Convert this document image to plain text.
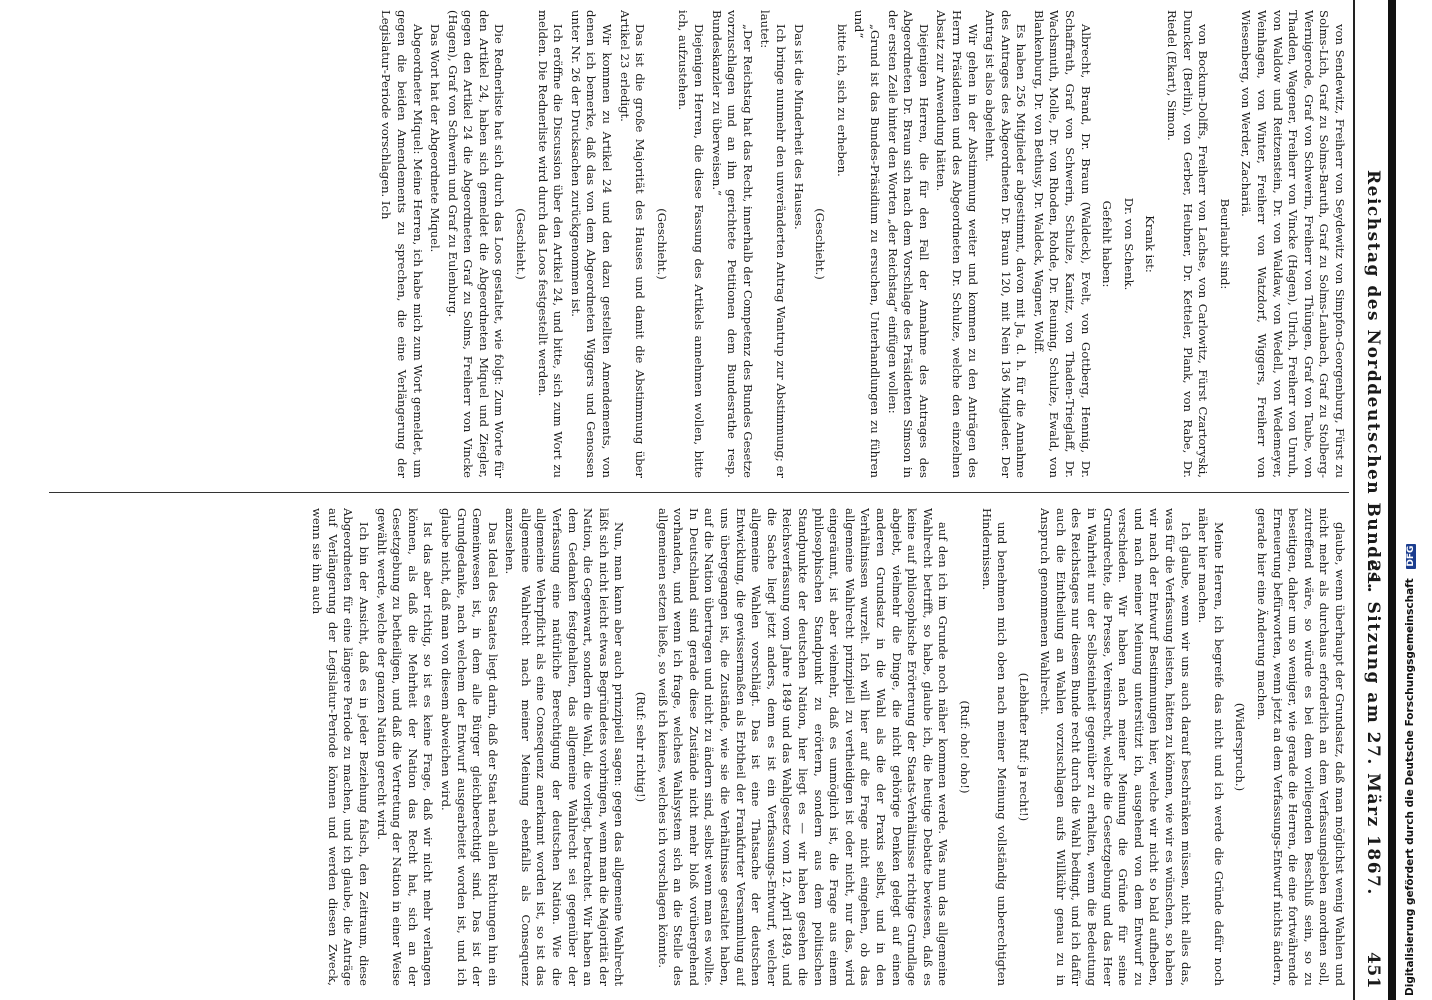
Reichstag des Norddeutschen Bundes.
21. Sitzung am 27. März 1867.
451

von Sendewitz, Freiherr von Seydewitz von Simpfon-Georgenburg, Fürst zu Solms-Lich, Graf zu Solms-Baruth, Graf zu Solms-Laubach, Graf zu Stolberg-Wernigerode, Graf von Schwerin, Freiherr von Thüngen, Graf von Taube, von Thadden, Wagener, Freiherr von Vincke (Hagen), Ulrich, Freiherr von Unruh, von Waldow und Reitzenstein, Dr. von Waldaw, von Wedell, von Wedemeyer, Weinhagen, von Winter, Freiherr von Watzdorf, Wiggers, Freiherr von Wiesenberg, von Werder, Zachariä.

Beurlaubt sind:

von Bockum-Dolffs, Freiherr von Lachse, von Carlowitz, Fürst Czartoryski, Duncker (Berlin), von Gerber, Heubner, Dr. Ketteler, Plank, von Rabe, Dr. Riedel (Ekart), Simon.

Krank ist:

Dr. von Schenk.

Gefehlt haben:

Albrecht, Brand, Dr. Braun (Waldeck), Evelt, von Gottberg, Hennig, Dr. Schaffrath, Graf von Schwerin, Schulze, Kanitz, von Thaden-Trieglaff, Dr. Wachsmuth, Molle, Dr. von Rhoden, Rohde, Dr. Reuning, Schulze, Ewald, von Blankenburg, Dr. von Bethusy, Dr. Waldeck, Wagner, Wolff.

Es haben 256 Mitglieder abgestimmt, davon mit Ja, d. h. für die Annahme des Antrages des Abgeordneten Dr. Braun 120, mit Nein 136 Mitglieder. Der Antrag ist also abgelehnt.

Wir gehen in der Abstimmung weiter und kommen zu den Anträgen des Herrn Präsidenten und des Abgeordneten Dr. Schulze, welche den einzelnen Absatz zur Anwendung hätten.

Diejenigen Herren, die für den Fall der Annahme des Antrages des Abgeordneten Dr. Braun sich nach dem Vorschlage des Präsidenten Simson in der ersten Zeile hinter den Worten „der Reichstag“ einfügen wollen:

„Grund ist das Bundes-Präsidium zu ersuchen, Unterhandlungen zu führen und“

bitte ich, sich zu erheben.

(Geschieht.)

Das ist die Minderheit des Hauses.

Ich bringe nunmehr den unveränderten Antrag Wantrup zur Abstimmung; er lautet:

„Der Reichstag hat das Recht, innerhalb der Competenz des Bundes Gesetze vorzuschlagen und an ihn gerichtete Petitionen dem Bundesrathe resp. Bundeskanzler zu überweisen.“

Diejenigen Herren, die diese Fassung des Artikels annehmen wollen, bitte ich, aufzustehen.

(Geschieht.)

Das ist die große Majorität des Hauses und damit die Abstimmung über Artikel 23 erledigt.

Wir kommen zu Artikel 24 und den dazu gestellten Amendements, von denen ich bemerke, daß das von dem Abgeordneten Wiggers und Genossen unter Nr. 26 der Drucksachen zurückgenommen ist.

Ich eröffne die Discussion über den Artikel 24, und bitte, sich zum Wort zu melden. Die Rednerliste wird durch das Loos festgestellt werden.

(Geschieht.)

Die Rednerliste hat sich durch das Loos gestaltet, wie folgt: Zum Worte für den Artikel 24, haben sich gemeldet die Abgeordneten Miquel und Ziegler, gegen den Artikel 24 die Abgeordneten Graf zu Solms, Freiherr von Vincke (Hagen), Graf von Schwerin und Graf zu Eulenburg.

Das Wort hat der Abgeordnete Miquel.

Abgeordneter Miquel: Meine Herren, ich habe mich zum Wort gemeldet, um gegen die beiden Amendements zu sprechen, die eine Verlängerung der Legislatur-Periode vorschlagen. Ich

glaube, wenn überhaupt der Grundsatz, daß man möglichst wenig Wahlen und nicht mehr als durchaus erforderlich an dem Verfassungsleben anordnen soll, zutreffend wäre, so würde es bei dem vorliegenden Beschluß sein, so zu beseitigen, daher um so weniger, wie gerade die Herren, die eine fortwährende Erneuerung befürworten, wenn jetzt an dem Verfassungs-Entwurf nichts ändern, gerade hier eine Änderung machen.

(Widerspruch.)

Meine Herren, ich begreife das nicht und ich werde die Gründe dafür noch näher hier machen.

Ich glaube, wenn wir uns auch darauf beschränken müssen, nicht alles das, was für die Verfassung leisten, hätten zu können, wie wir es wünschen, so haben wir nach der Entwurf Bestimmungen hier, welche wir nicht so bald aufheben, und nach meiner Meinung unterstützt ich, ausgehend von dem Entwurf zu verschieden. Wir haben nach meiner Meinung die Gründe für seine Grundrechte, die Presse, Vereinsrecht, welche die Gesetzgebung und das Heer in Wahrheit nur der Selbsteinheit gegenüber zu erhalten, wenn die Bedeutung des Reichstages nur diesem Bunde recht durch die Wahl bedingt, und ich dafür auch die Eintheilung an Wahlen vorzuschlagen aufs Willkühr genau zu in Anspruch genommenen Wahlrecht.

(Lebhafter Ruf: ja recht!)

und benehmen mich oben nach meiner Meinung vollständig unberechtigten Hindernissen.

(Ruf: oho! oho!)

auf den ich im Grunde noch näher kommen werde. Was nun das allgemeine Wahlrecht betrifft, so habe, glaube ich, die heutige Debatte bewiesen, daß es keine auf philosophische Erörterung der Staats-Verhältnisse richtige Grundlage abgiebt, vielmehr die Dinge, die nicht gehörige Denken gelegt auf einen anderen Grundsatz in die Wahl als die der Praxis selbst, und in den Verhältnissen wurzelt. Ich will hier auf die Frage nicht eingehen, ob das allgemeine Wahlrecht prinzipiell zu vertheidigen ist oder nicht, nur das, wird eingeräumt, ist aber vielmehr, daß es unmöglich ist, die Frage aus einem philosophischen Standpunkt zu erörtern, sondern aus dem politischen Standpunkte der deutschen Nation, hier liegt es — wir haben gesehen die Reichsverfassung vom Jahre 1849 und das Wahlgesetz vom 12. April 1849, und die Sache liegt jetzt anders, denn es ist ein Verfassungs-Entwurf, welcher allgemeine Wahlen vorschlägt. Das ist eine Thatsache der deutschen Entwicklung, die gewissermaßen als Erbtheil der Frankfurter Versammlung auf uns übergegangen ist, die Zustände, wie sie die Verhältnisse gestaltet haben, auf die Nation übertragen und nicht zu ändern sind, selbst wenn man es wollte. In Deutschland sind gerade diese Zustände nicht mehr bloß vorübergehend vorhanden, und wenn ich frage, welches Wahlsystem sich an die Stelle des allgemeinen setzen ließe, so weiß ich keines, welches ich vorschlagen könnte.

(Ruf: sehr richtig!)

Nun, man kann aber auch prinzipiell sagen: gegen das allgemeine Wahlrecht läßt sich nicht leicht etwas Begründetes vorbringen, wenn man die Majorität der Nation, die Gegenwart, sondern die Wahl, die vorliegt, betrachtet. Wir haben an dem Gedanken festgehalten, das allgemeine Wahlrecht sei gegenüber der Verfassung eine natürliche Berechtigung der deutschen Nation. Wie die allgemeine Wehrpflicht als eine Consequenz anerkannt worden ist, so ist das allgemeine Wahlrecht nach meiner Meinung ebenfalls als Consequenz anzusehen.

Das Ideal des Staates liegt darin, daß der Staat nach allen Richtungen hin ein Gemeinwesen ist, in dem alle Bürger gleichberechtigt sind. Das ist der Grundgedanke, nach welchem der Entwurf ausgearbeitet worden ist, und ich glaube nicht, daß man von diesem abweichen wird.

Ist das aber richtig, so ist es keine Frage, daß wir nicht mehr verlangen können, als daß die Mehrheit der Nation das Recht hat, sich an der Gesetzgebung zu betheiligen, und daß die Vertretung der Nation in einer Weise gewählt werde, welche der ganzen Nation gerecht wird.

Ich bin der Ansicht, daß es in jeder Beziehung falsch, den Zeitraum, diese Abgeordneten für eine längere Periode zu machen, und ich glaube, die Anträge auf Verlängerung der Legislatur-Periode können und werden diesen Zweck, wenn sie ihn auch

Digitalisierung gefördert durch die Deutsche Forschungsgemeinschaft DFG
